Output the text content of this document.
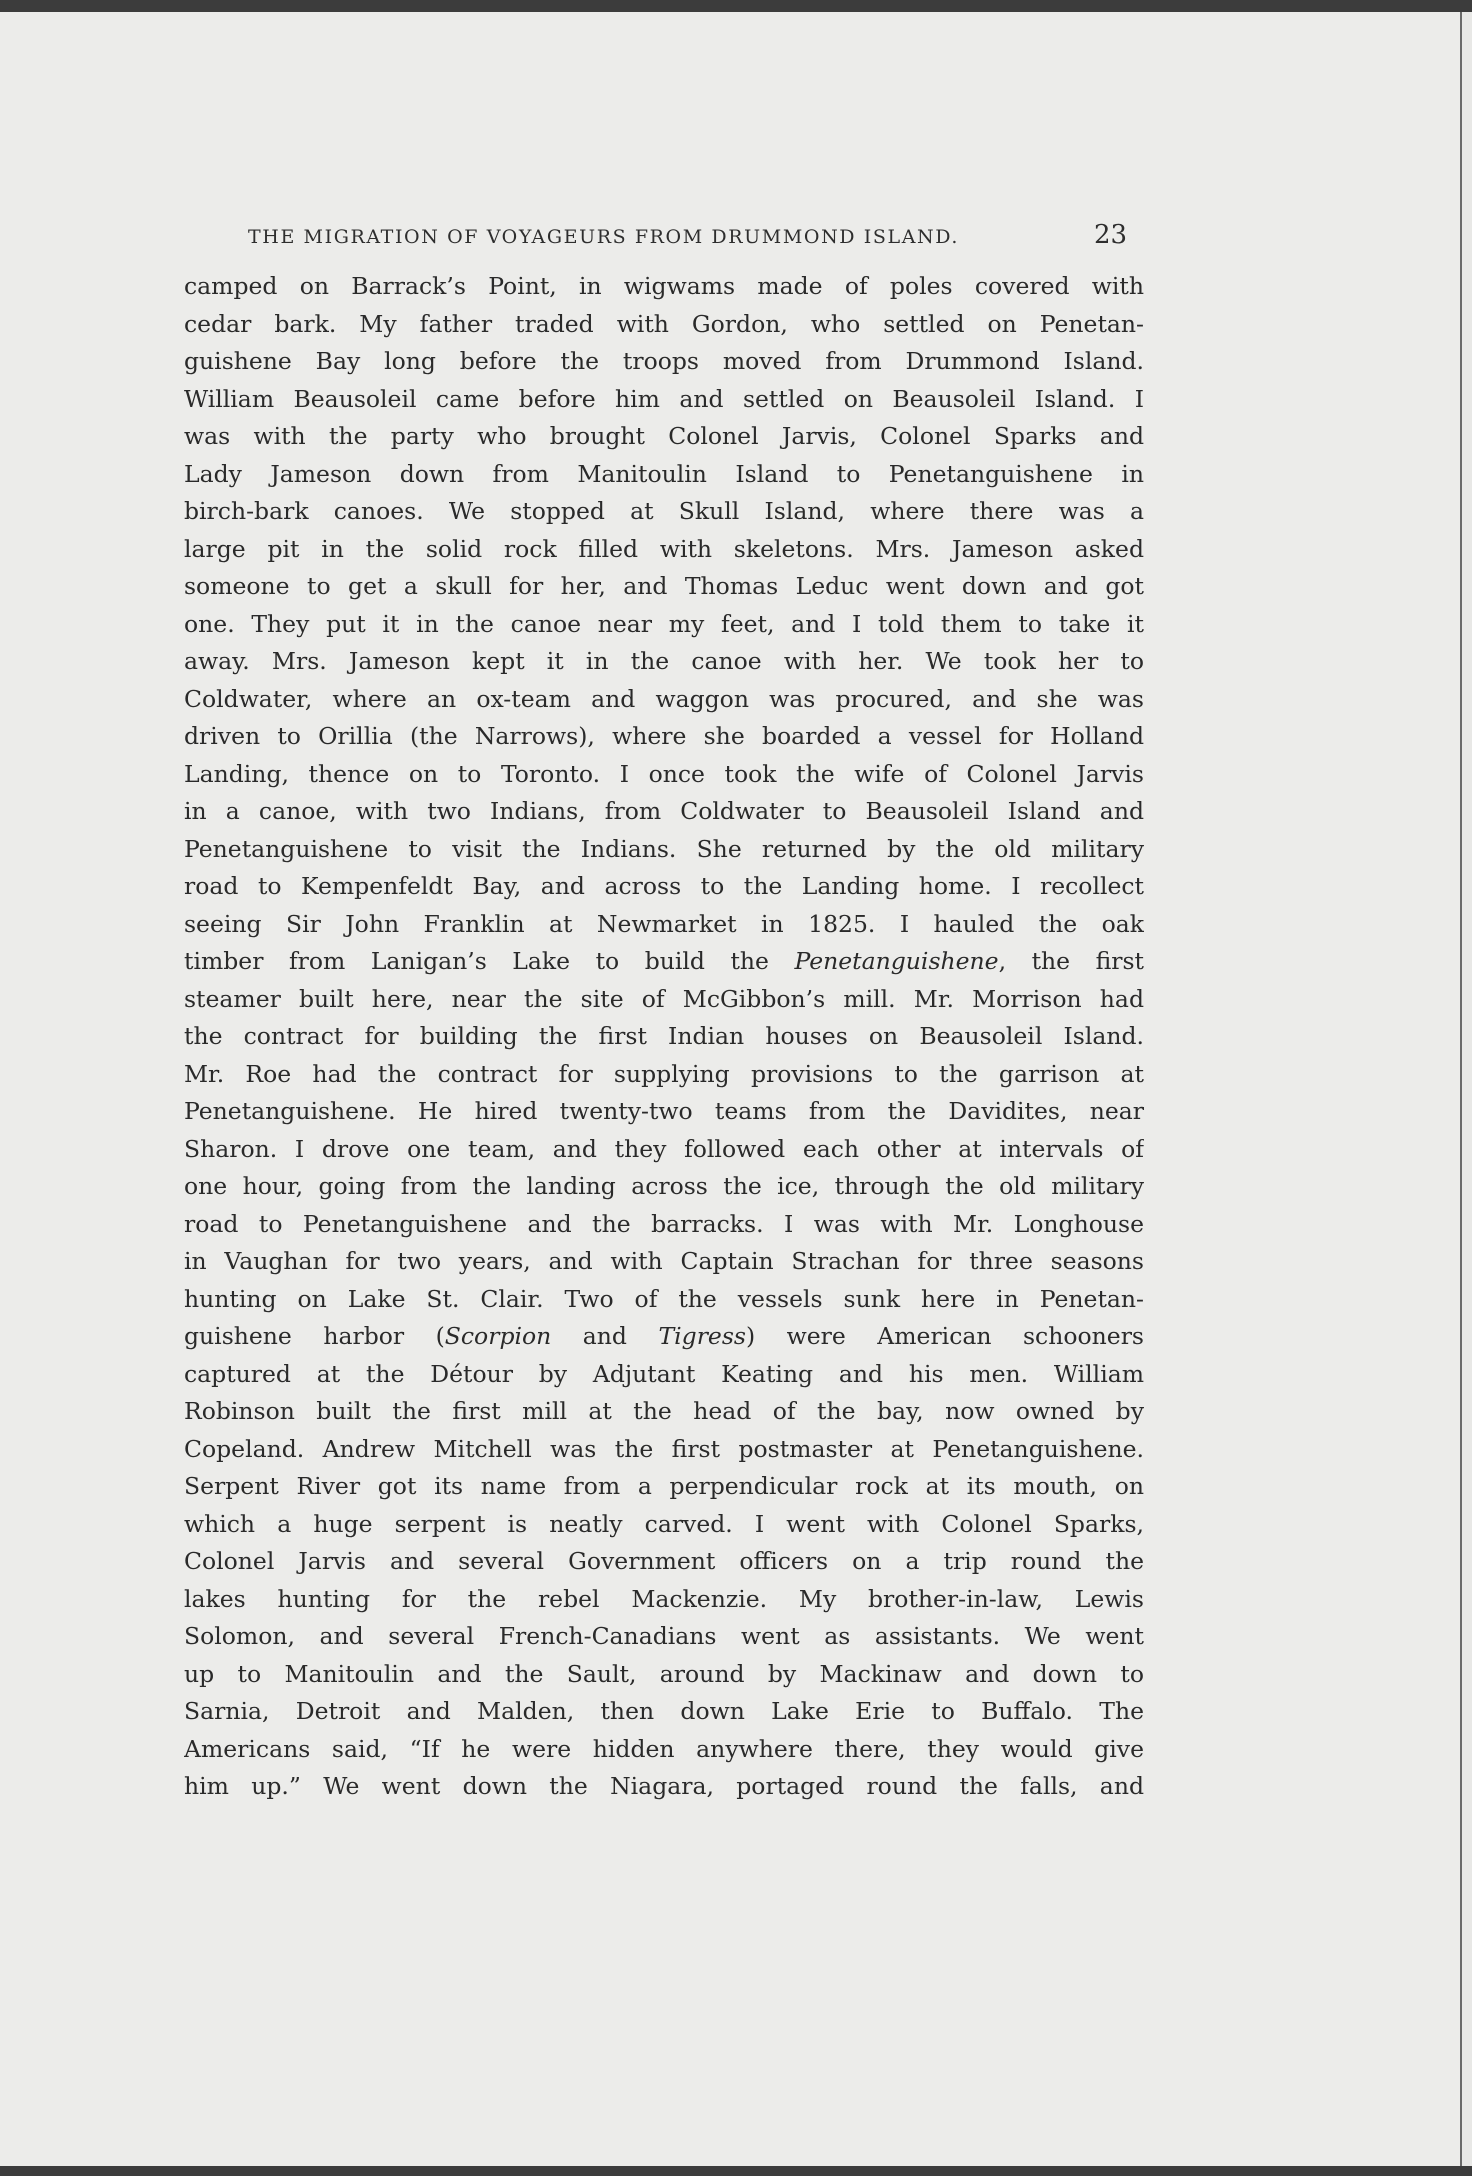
THE MIGRATION OF VOYAGEURS FROM DRUMMOND ISLAND.	23
camped on Barrack’s Point, in wigwams made of poles covered with
cedar bark. My father traded with Gordon, who settled on Penetan-
guishene Bay long before the troops moved from Drummond Island.
William Beausoleil came before him and settled on Beausoleil Island. I
was with the party who brought Colonel Jarvis, Colonel Sparks and
Lady Jameson down from Manitoulin Island to Penetanguishene in
birch-bark canoes. We stopped at Skull Island, where there was a
large pit in the solid rock filled with skeletons. Mrs. Jameson asked
someone to get a skull for her, and Thomas Leduc went down and got
one. They put it in the canoe near my feet, and I told them to take it
away. Mrs. Jameson kept it in the canoe with her. We took her to
Coldwater, where an ox-team and waggon was procured, and she was
driven to Orillia (the Narrows), where she boarded a vessel for Holland
Landing, thence on to Toronto. I once took the wife of Colonel Jarvis
in a canoe, with two Indians, from Coldwater to Beausoleil Island and
Penetanguishene to visit the Indians. She returned by the old military
road to Kempenfeldt Bay, and across to the Landing home. I recollect
seeing Sir John Franklin at Newmarket in 1825. I hauled the oak
timber from Lanigan’s Lake to build the Penetanguishene, the first
steamer built here, near the site of McGibbon’s mill. Mr. Morrison had
the contract for building the first Indian houses on Beausoleil Island.
Mr. Roe had the contract for supplying provisions to the garrison at
Penetanguishene. He hired twenty-two teams from the Davidites, near
Sharon. I drove one team, and they followed each other at intervals of
one hour, going from the landing across the ice, through the old military
road to Penetanguishene and the barracks. I was with Mr. Longhouse
in Vaughan for two years, and with Captain Strachan for three seasons
hunting on Lake St. Clair. Two of the vessels sunk here in Penetan-
guishene harbor (Scorpion and Tigress) were American schooners
captured at the Détour by Adjutant Keating and his men. William
Robinson built the first mill at the head of the bay, now owned by
Copeland. Andrew Mitchell was the first postmaster at Penetanguishene.
Serpent River got its name from a perpendicular rock at its mouth, on
which a huge serpent is neatly carved. I went with Colonel Sparks,
Colonel Jarvis and several Government officers on a trip round the
lakes hunting for the rebel Mackenzie. My brother-in-law, Lewis
Solomon, and several French-Canadians went as assistants. We went
up to Manitoulin and the Sault, around by Mackinaw and down to
Sarnia, Detroit and Malden, then down Lake Erie to Buffalo. The
Americans said, “If he were hidden anywhere there, they would give
him up.” We went down the Niagara, portaged round the falls, and
